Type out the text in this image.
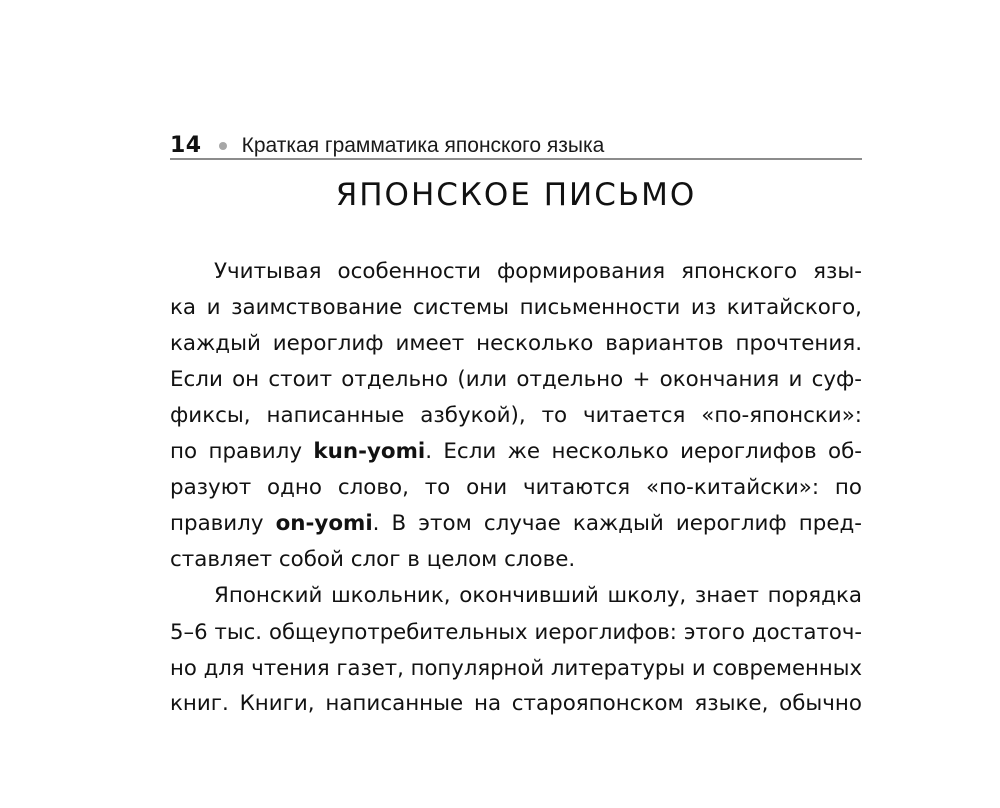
14 Краткая грамматика японского языка
ЯПОНСКОЕ ПИСЬМО
Учитывая особенности формирования японского язы-
ка и заимствование системы письменности из китайского,
каждый иероглиф имеет несколько вариантов прочтения.
Если он стоит отдельно (или отдельно + окончания и суф-
фиксы, написанные азбукой), то читается «по-японски»:
по правилу kun-yomi. Если же несколько иероглифов об-
разуют одно слово, то они читаются «по-китайски»: по
правилу on-yomi. В этом случае каждый иероглиф пред-
ставляет собой слог в целом слове.
Японский школьник, окончивший школу, знает порядка
5–6 тыс. общеупотребительных иероглифов: этого достаточ-
но для чтения газет, популярной литературы и современных
книг. Книги, написанные на старояпонском языке, обычно
